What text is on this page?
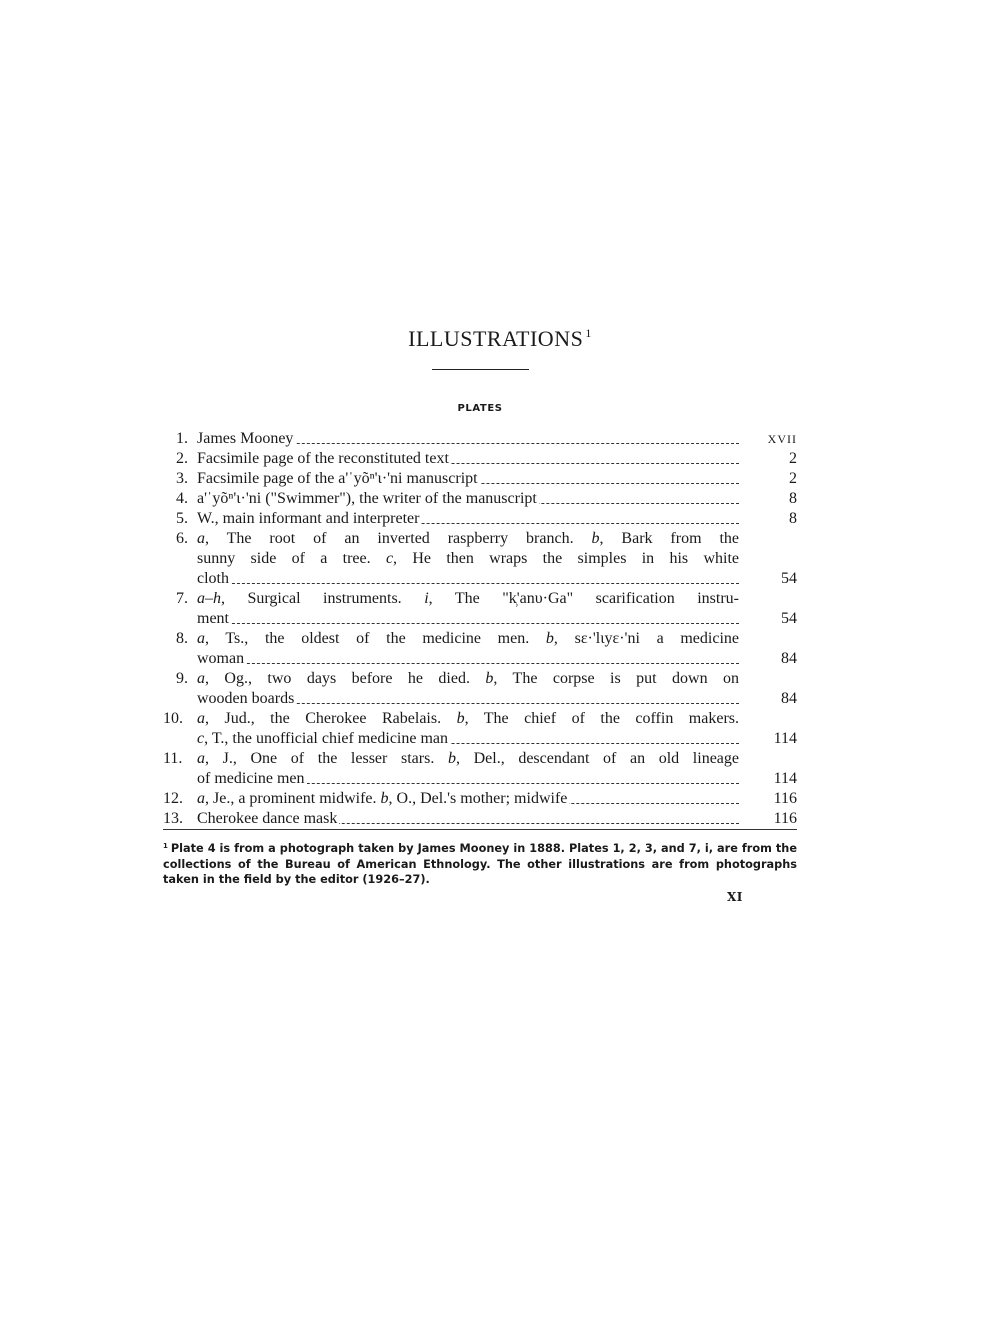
ILLUSTRATIONS $^1$
PLATES
1. James Mooney	XVII
2. Facsimile page of the reconstituted text	2
3. Facsimile page of the a'ˈyõⁿ'ι·'ni manuscript	2
4. a'ˈyõⁿ'ι·'ni ("Swimmer"), the writer of the manuscript	8
5. W., main informant and interpreter	8
6. a, The root of an inverted raspberry branch. b, Bark from the
sunny side of a tree. c, He then wraps the simples in his white
cloth	54
7. a–h, Surgical instruments. i, The "k̹'anυ·Ga" scarification instru-
ment	54
8. a, Ts., the oldest of the medicine men. b, sε·'lιyε·'ni a medicine
woman	84
9. a, Og., two days before he died. b, The corpse is put down on
wooden boards	84
10. a, Jud., the Cherokee Rabelais. b, The chief of the coffin makers.
c, T., the unofficial chief medicine man	114
11. a, J., One of the lesser stars. b, Del., descendant of an old lineage
of medicine men	114
12. a, Je., a prominent midwife. b, O., Del.'s mother; midwife	116
13. Cherokee dance mask	116
$^1$ Plate 4 is from a photograph taken by James Mooney in 1888. Plates 1, 2, 3, and 7, i, are from the collections of the Bureau of American Ethnology. The other illustrations are from photographs taken in the field by the editor (1926–27).
XI
